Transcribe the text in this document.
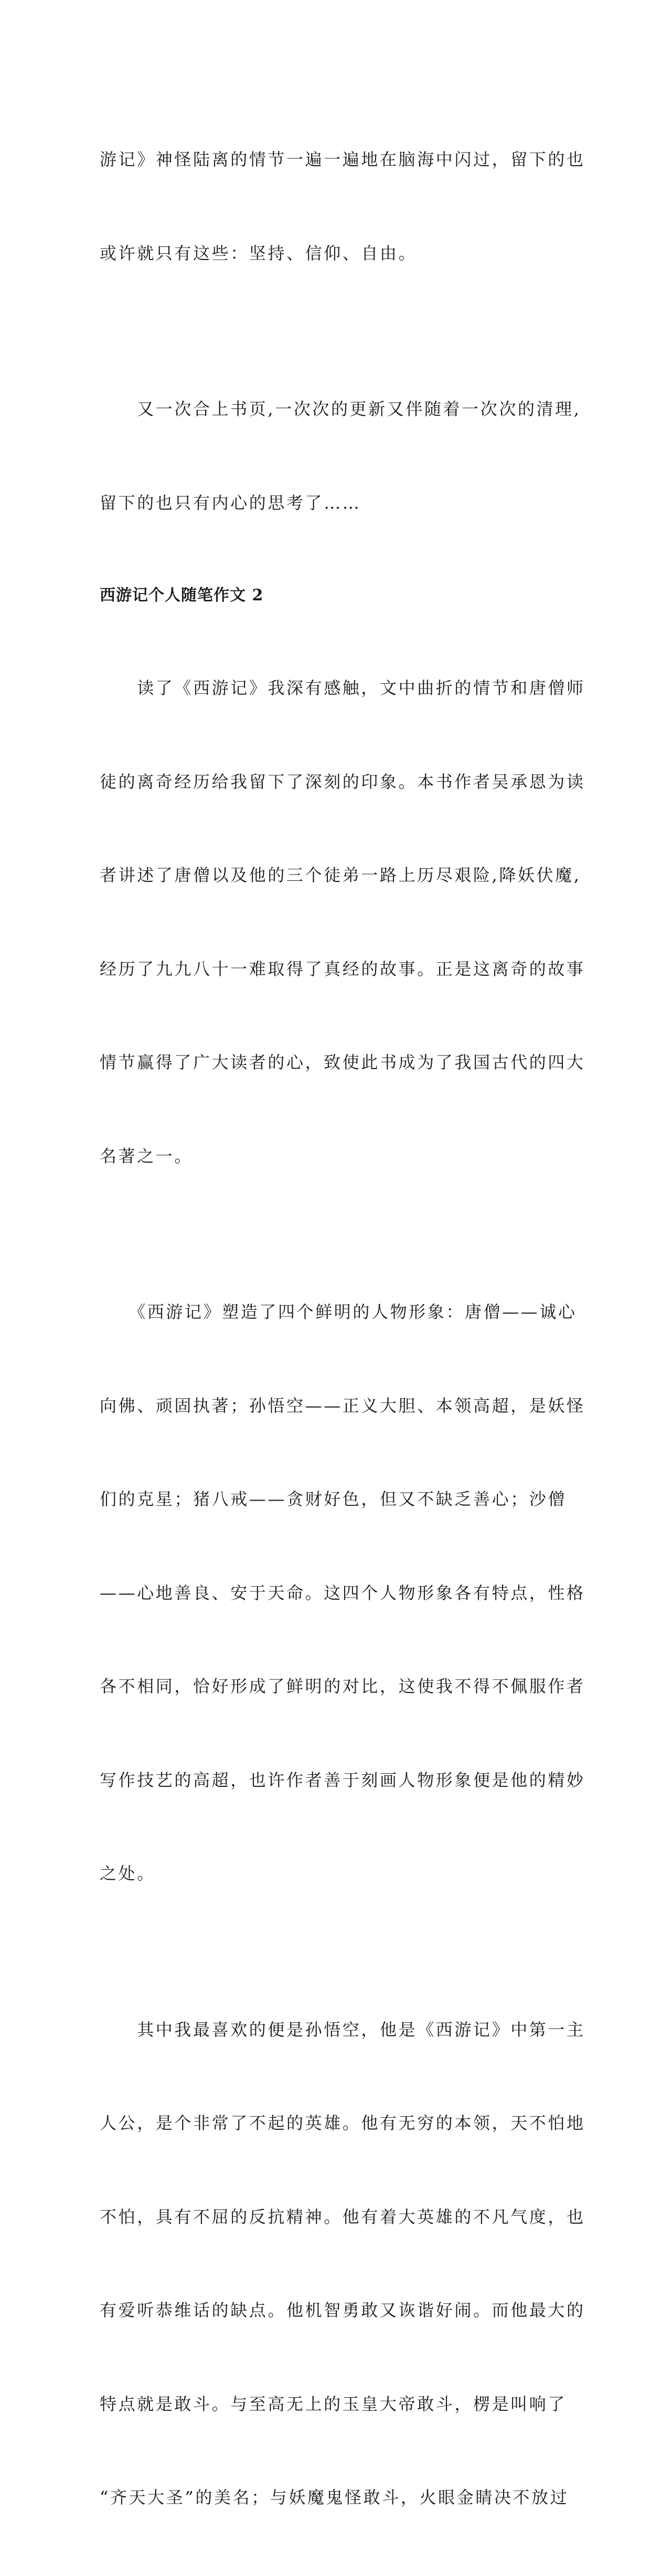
游记》神怪陆离的情节一遍一遍地在脑海中闪过，留下的也

或许就只有这些：坚持、信仰、自由。

　　又一次合上书页,一次次的更新又伴随着一次次的清理,

留下的也只有内心的思考了……

西游记个人随笔作文 2

　　读了《西游记》我深有感触，文中曲折的情节和唐僧师

徒的离奇经历给我留下了深刻的印象。本书作者吴承恩为读

者讲述了唐僧以及他的三个徒弟一路上历尽艰险,降妖伏魔,

经历了九九八十一难取得了真经的故事。正是这离奇的故事

情节赢得了广大读者的心，致使此书成为了我国古代的四大

名著之一。

　　《西游记》塑造了四个鲜明的人物形象：唐僧——诚心

向佛、顽固执著；孙悟空——正义大胆、本领高超，是妖怪

们的克星；猪八戒——贪财好色，但又不缺乏善心；沙僧

——心地善良、安于天命。这四个人物形象各有特点，性格

各不相同，恰好形成了鲜明的对比，这使我不得不佩服作者

写作技艺的高超，也许作者善于刻画人物形象便是他的精妙

之处。

　　其中我最喜欢的便是孙悟空，他是《西游记》中第一主

人公，是个非常了不起的英雄。他有无穷的本领，天不怕地

不怕，具有不屈的反抗精神。他有着大英雄的不凡气度，也

有爱听恭维话的缺点。他机智勇敢又诙谐好闹。而他最大的

特点就是敢斗。与至高无上的玉皇大帝敢斗，楞是叫响了

“齐天大圣”的美名；与妖魔鬼怪敢斗，火眼金睛决不放过
